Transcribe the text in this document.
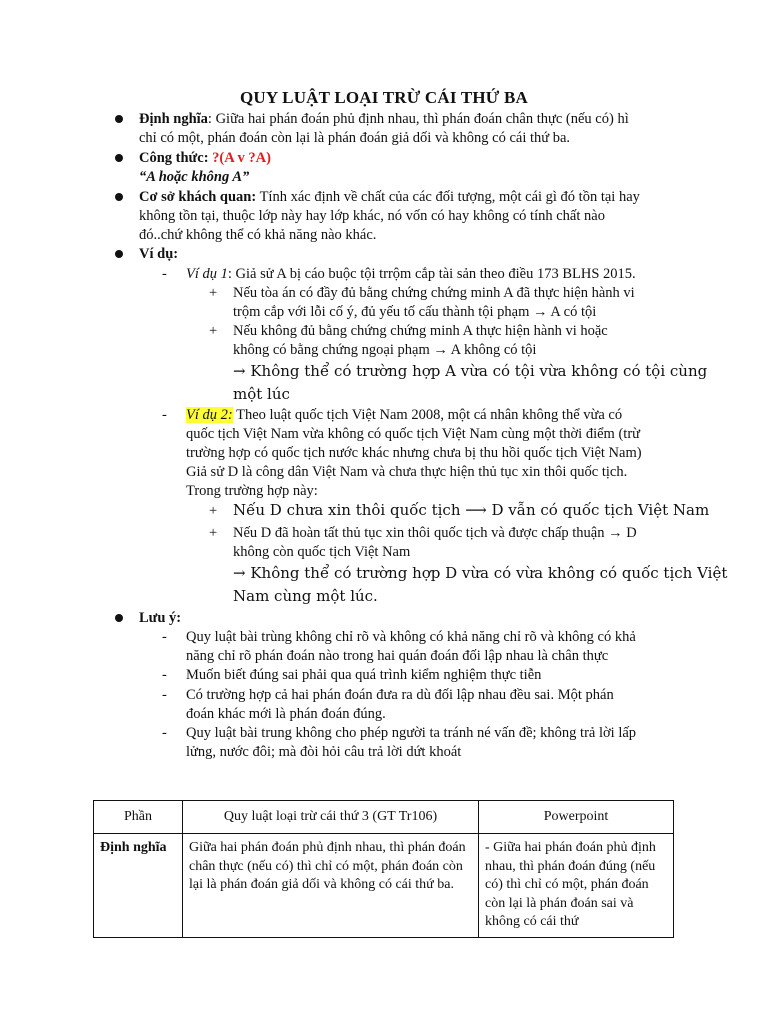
QUY LUẬT LOẠI TRỪ CÁI THỨ BA
Định nghĩa: Giữa hai phán đoán phủ định nhau, thì phán đoán chân thực (nếu có) hì
chỉ có một, phán đoán còn lại là phán đoán giả dối và không có cái thứ ba.
Công thức: ?(A v ?A)
“A hoặc không A”
Cơ sở khách quan: Tính xác định về chất của các đối tượng, một cái gì đó tồn tại hay
không tồn tại, thuộc lớp này hay lớp khác, nó vốn có hay không có tính chất nào
đó..chứ không thể có khả năng nào khác.
Ví dụ:
- Ví dụ 1: Giả sử A bị cáo buộc tội trrộm cắp tài sản theo điều 173 BLHS 2015.
+ Nếu tòa án có đầy đủ bằng chứng chứng minh A đã thực hiện hành vi
trộm cắp với lỗi cố ý, đủ yếu tố cấu thành tội phạm → A có tội
+ Nếu không đủ bằng chứng chứng minh A thực hiện hành vi hoặc
không có bằng chứng ngoại phạm → A không có tội
→ Không thể có trường hợp A vừa có tội vừa không có tội cùng
một lúc
- Ví dụ 2: Theo luật quốc tịch Việt Nam 2008, một cá nhân không thể vừa có
quốc tịch Việt Nam vừa không có quốc tịch Việt Nam cùng một thời điểm (trừ
trường hợp có quốc tịch nước khác nhưng chưa bị thu hồi quốc tịch Việt Nam)
Giả sử D là công dân Việt Nam và chưa thực hiện thủ tục xin thôi quốc tịch.
Trong trường hợp này:
+ Nếu D chưa xin thôi quốc tịch ⟶ D vẫn có quốc tịch Việt Nam
+ Nếu D đã hoàn tất thủ tục xin thôi quốc tịch và được chấp thuận → D
không còn quốc tịch Việt Nam
→ Không thể có trường hợp D vừa có vừa không có quốc tịch Việt
Nam cùng một lúc.
Lưu ý:
- Quy luật bài trùng không chỉ rõ và không có khả năng chỉ rõ và không có khả
năng chỉ rõ phán đoán nào trong hai quán đoán đối lập nhau là chân thực
- Muốn biết đúng sai phải qua quá trình kiểm nghiệm thực tiễn
- Có trường hợp cả hai phán đoán đưa ra dù đối lập nhau đều sai. Một phán
đoán khác mới là phán đoán đúng.
- Quy luật bài trung không cho phép người ta tránh né vấn đề; không trả lời lấp
lửng, nước đôi; mà đòi hỏi câu trả lời dứt khoát
Phần	Quy luật loại trừ cái thứ 3 (GT Tr106)	Powerpoint
Định nghĩa	Giữa hai phán đoán phủ định nhau, thì phán đoán chân thực (nếu có) thì chỉ có một, phán đoán còn lại là phán đoán giả dối và không có cái thứ ba.	- Giữa hai phán đoán phủ định nhau, thì phán đoán đúng (nếu có) thì chỉ có một, phán đoán còn lại là phán đoán sai và không có cái thứ
